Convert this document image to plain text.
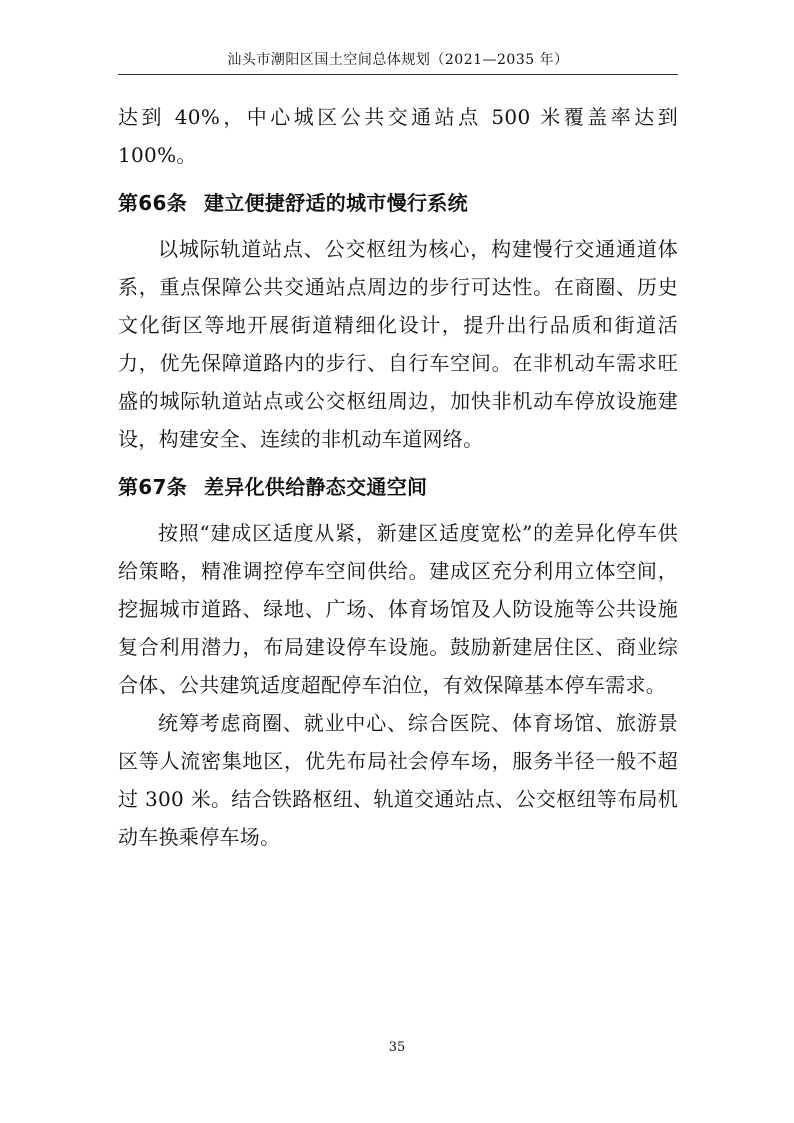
汕头市潮阳区国土空间总体规划（2021—2035 年）

达到 40%，中心城区公共交通站点 500 米覆盖率达到 100%。

第66条 建立便捷舒适的城市慢行系统

以城际轨道站点、公交枢纽为核心，构建慢行交通通道体系，重点保障公共交通站点周边的步行可达性。在商圈、历史文化街区等地开展街道精细化设计，提升出行品质和街道活力，优先保障道路内的步行、自行车空间。在非机动车需求旺盛的城际轨道站点或公交枢纽周边，加快非机动车停放设施建设，构建安全、连续的非机动车道网络。

第67条 差异化供给静态交通空间

按照“建成区适度从紧，新建区适度宽松”的差异化停车供给策略，精准调控停车空间供给。建成区充分利用立体空间，挖掘城市道路、绿地、广场、体育场馆及人防设施等公共设施复合利用潜力，布局建设停车设施。鼓励新建居住区、商业综合体、公共建筑适度超配停车泊位，有效保障基本停车需求。

统筹考虑商圈、就业中心、综合医院、体育场馆、旅游景区等人流密集地区，优先布局社会停车场，服务半径一般不超过 300 米。结合铁路枢纽、轨道交通站点、公交枢纽等布局机动车换乘停车场。

35
